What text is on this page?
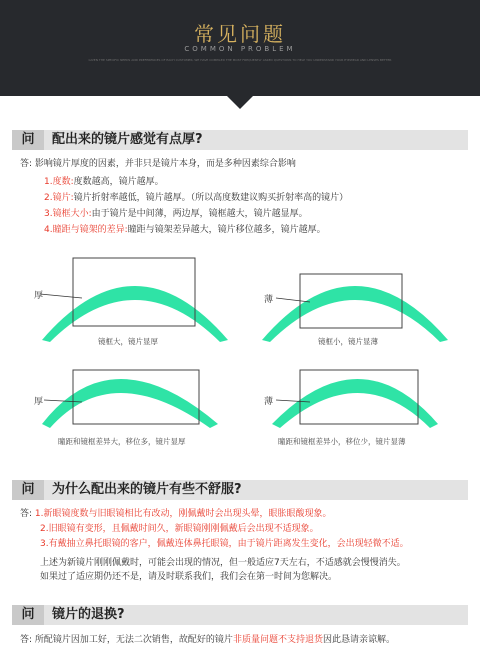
常见问题
COMMON PROBLEM
GIVEN THE SPECIFIC NEEDS AND PREFERENCES OF EACH CUSTOMER, WE HAVE COMPILED THE MOST FREQUENTLY ASKED QUESTIONS TO HELP YOU UNDERSTAND YOUR EYEWEAR AND LENSES BETTER
问	配出来的镜片感觉有点厚?
答: 影响镜片厚度的因素，并非只是镜片本身，而是多种因素综合影响
1.度数:度数越高，镜片越厚。
2.镜片:镜片折射率越低，镜片越厚。（所以高度数建议购买折射率高的镜片）
3.镜框大小:由于镜片是中间薄，两边厚，镜框越大，镜片越显厚。
4.瞳距与镜架的差异:瞳距与镜架差异越大，镜片移位越多，镜片越厚。
厚
镜框大，镜片显厚
薄
镜框小，镜片显薄
厚
瞳距和镜框差异大，移位多，镜片显厚
薄
瞳距和镜框差异小，移位少，镜片显薄
问	为什么配出来的镜片有些不舒服?
答: 1.新眼镜度数与旧眼镜相比有改动，刚佩戴时会出现头晕，眼胀眼酸现象。
2.旧眼镜有变形，且佩戴时间久，新眼镜刚刚佩戴后会出现不适现象。
3.有戴抽立鼻托眼镜的客户，佩戴连体鼻托眼镜，由于镜片距离发生变化，会出现轻微不适。
上述为新镜片刚刚佩戴时，可能会出现的情况，但一般适应7天左右，不适感就会慢慢消失。
如果过了适应期仍还不是，请及时联系我们，我们会在第一时间为您解决。
问	镜片的退换?
答: 所配镜片因加工好，无法二次销售，故配好的镜片非质量问题不支持退货因此恳请亲谅解。
